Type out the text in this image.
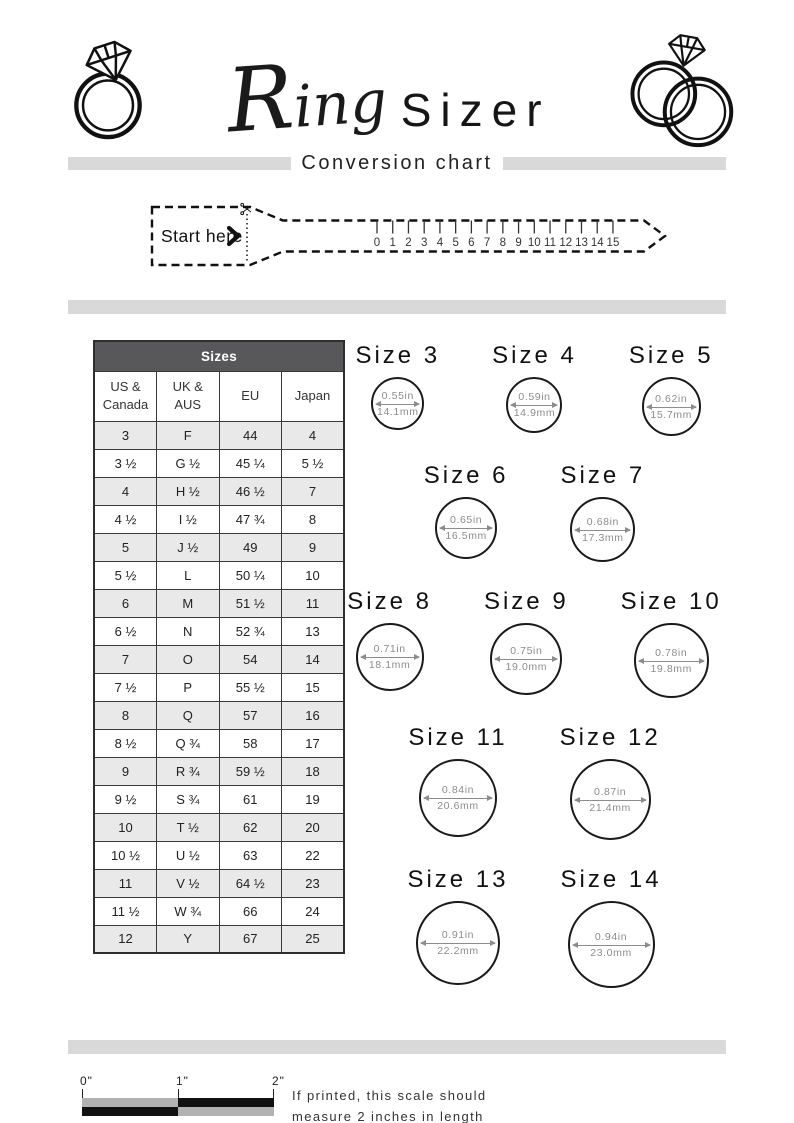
Ring Sizer
Conversion chart
Start here	0 1 2 3 4 5 6 7 8 9 10 11 12 13 14 15
Sizes			
US &
Canada	UK &
AUS	EU	Japan
3	F	44	4
3 ½	G ½	45 ¼	5 ½
4	H ½	46 ½	7
4 ½	I ½	47 ¾	8
5	J ½	49	9
5 ½	L	50 ¼	10
6	M	51 ½	11
6 ½	N	52 ¾	13
7	O	54	14
7 ½	P	55 ½	15
8	Q	57	16
8 ½	Q ¾	58	17
9	R ¾	59 ½	18
9 ½	S ¾	61	19
10	T ½	62	20
10 ½	U ½	63	22
11	V ½	64 ½	23
11 ½	W ¾	66	24
12	Y	67	25
Size 3
0.55in
14.1mm
Size 4
0.59in
14.9mm
Size 5
0.62in
15.7mm
Size 6
0.65in
16.5mm
Size 7
0.68in
17.3mm
Size 8
0.71in
18.1mm
Size 9
0.75in
19.0mm
Size 10
0.78in
19.8mm
Size 11
0.84in
20.6mm
Size 12
0.87in
21.4mm
Size 13
0.91in
22.2mm
Size 14
0.94in
23.0mm
0"	1"	2"
If printed, this scale should
measure 2 inches in length
